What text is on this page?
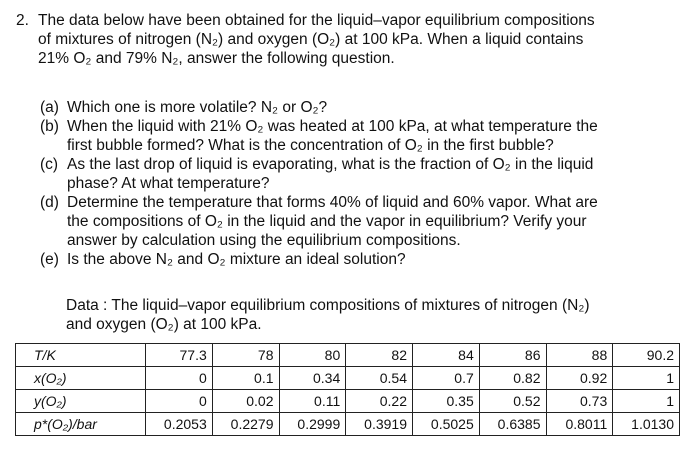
2. The data below have been obtained for the liquid–vapor equilibrium compositions
of mixtures of nitrogen (N₂) and oxygen (O₂) at 100 kPa. When a liquid contains
21% O₂ and 79% N₂, answer the following question.
(a) Which one is more volatile? N₂ or O₂?
(b) When the liquid with 21% O₂ was heated at 100 kPa, at what temperature the
first bubble formed? What is the concentration of O₂ in the first bubble?
(c) As the last drop of liquid is evaporating, what is the fraction of O₂ in the liquid
phase? At what temperature?
(d) Determine the temperature that forms 40% of liquid and 60% vapor. What are
the compositions of O₂ in the liquid and the vapor in equilibrium? Verify your
answer by calculation using the equilibrium compositions.
(e) Is the above N₂ and O₂ mixture an ideal solution?
Data : The liquid–vapor equilibrium compositions of mixtures of nitrogen (N₂)
and oxygen (O₂) at 100 kPa.
T/K	77.3	78	80	82	84	86	88	90.2
x(O₂)	0	0.1	0.34	0.54	0.7	0.82	0.92	1
y(O₂)	0	0.02	0.11	0.22	0.35	0.52	0.73	1
p*(O₂)/bar	0.2053	0.2279	0.2999	0.3919	0.5025	0.6385	0.8011	1.0130
